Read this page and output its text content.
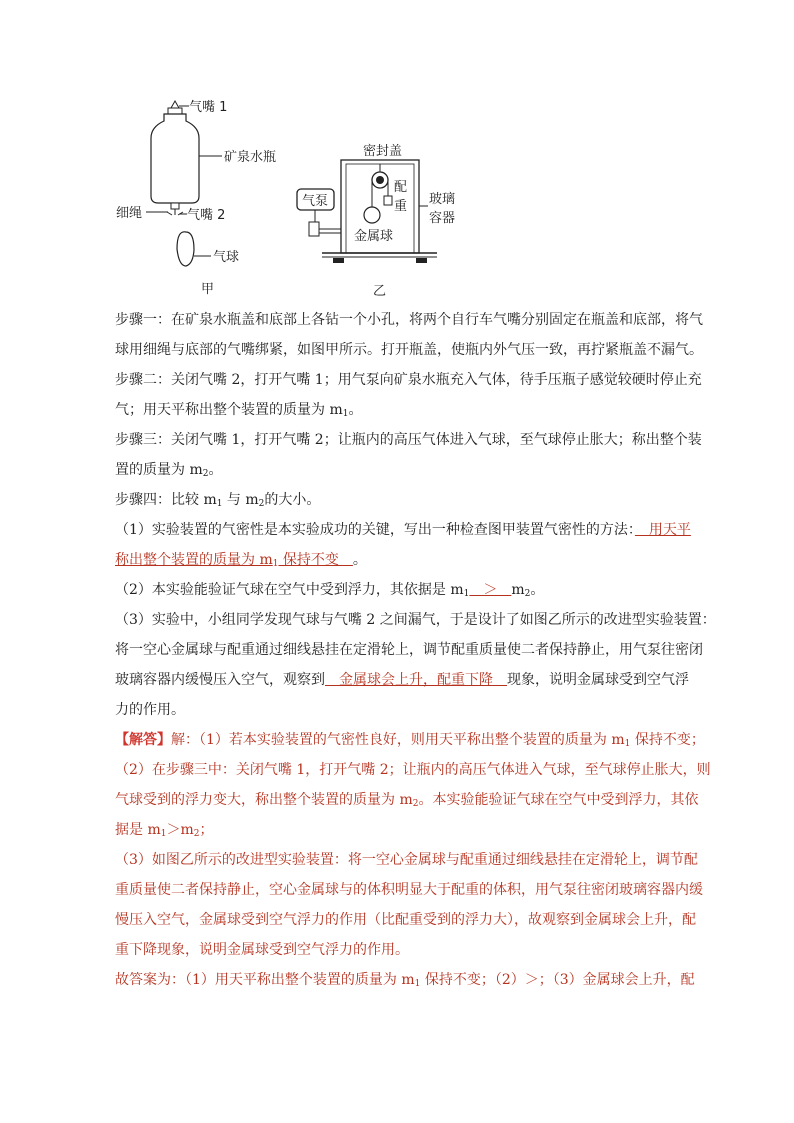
气嘴 1
矿泉水瓶
细绳	气嘴 2
气球
甲
密封盖
气泵
配
重 玻璃
容器
金属球
乙

步骤一：在矿泉水瓶盖和底部上各钻一个小孔，将两个自行车气嘴分别固定在瓶盖和底部，将气

球用细绳与底部的气嘴绑紧，如图甲所示。打开瓶盖，使瓶内外气压一致，再拧紧瓶盖不漏气。

步骤二：关闭气嘴 2，打开气嘴 1；用气泵向矿泉水瓶充入气体，待手压瓶子感觉较硬时停止充

气；用天平称出整个装置的质量为 $m_1$。

步骤三：关闭气嘴 1，打开气嘴 2；让瓶内的高压气体进入气球，至气球停止胀大；称出整个装

置的质量为 $m_2$。

步骤四：比较 $m_1$ 与 $m_2$的大小。

（1）实验装置的气密性是本实验成功的关键，写出一种检查图甲装置气密性的方法：　用天平

称出整个装置的质量为 $m_1$ 保持不变　。

（2）本实验能验证气球在空气中受到浮力，其依据是 $m_1$　＞　$m_2$。

（3）实验中，小组同学发现气球与气嘴 2 之间漏气，于是设计了如图乙所示的改进型实验装置：

将一空心金属球与配重通过细线悬挂在定滑轮上，调节配重质量使二者保持静止，用气泵往密闭

玻璃容器内缓慢压入空气，观察到　金属球会上升，配重下降　现象，说明金属球受到空气浮

力的作用。

【解答】解：（1）若本实验装置的气密性良好，则用天平称出整个装置的质量为 $m_1$ 保持不变；

（2）在步骤三中：关闭气嘴 1，打开气嘴 2；让瓶内的高压气体进入气球，至气球停止胀大，则

气球受到的浮力变大，称出整个装置的质量为 $m_2$。本实验能验证气球在空气中受到浮力，其依

据是 $m_1>m_2$；

（3）如图乙所示的改进型实验装置：将一空心金属球与配重通过细线悬挂在定滑轮上，调节配

重质量使二者保持静止，空心金属球与的体积明显大于配重的体积，用气泵往密闭玻璃容器内缓

慢压入空气，金属球受到空气浮力的作用（比配重受到的浮力大），故观察到金属球会上升，配

重下降现象，说明金属球受到空气浮力的作用。

故答案为：（1）用天平称出整个装置的质量为 $m_1$ 保持不变；（2）＞；（3）金属球会上升，配
